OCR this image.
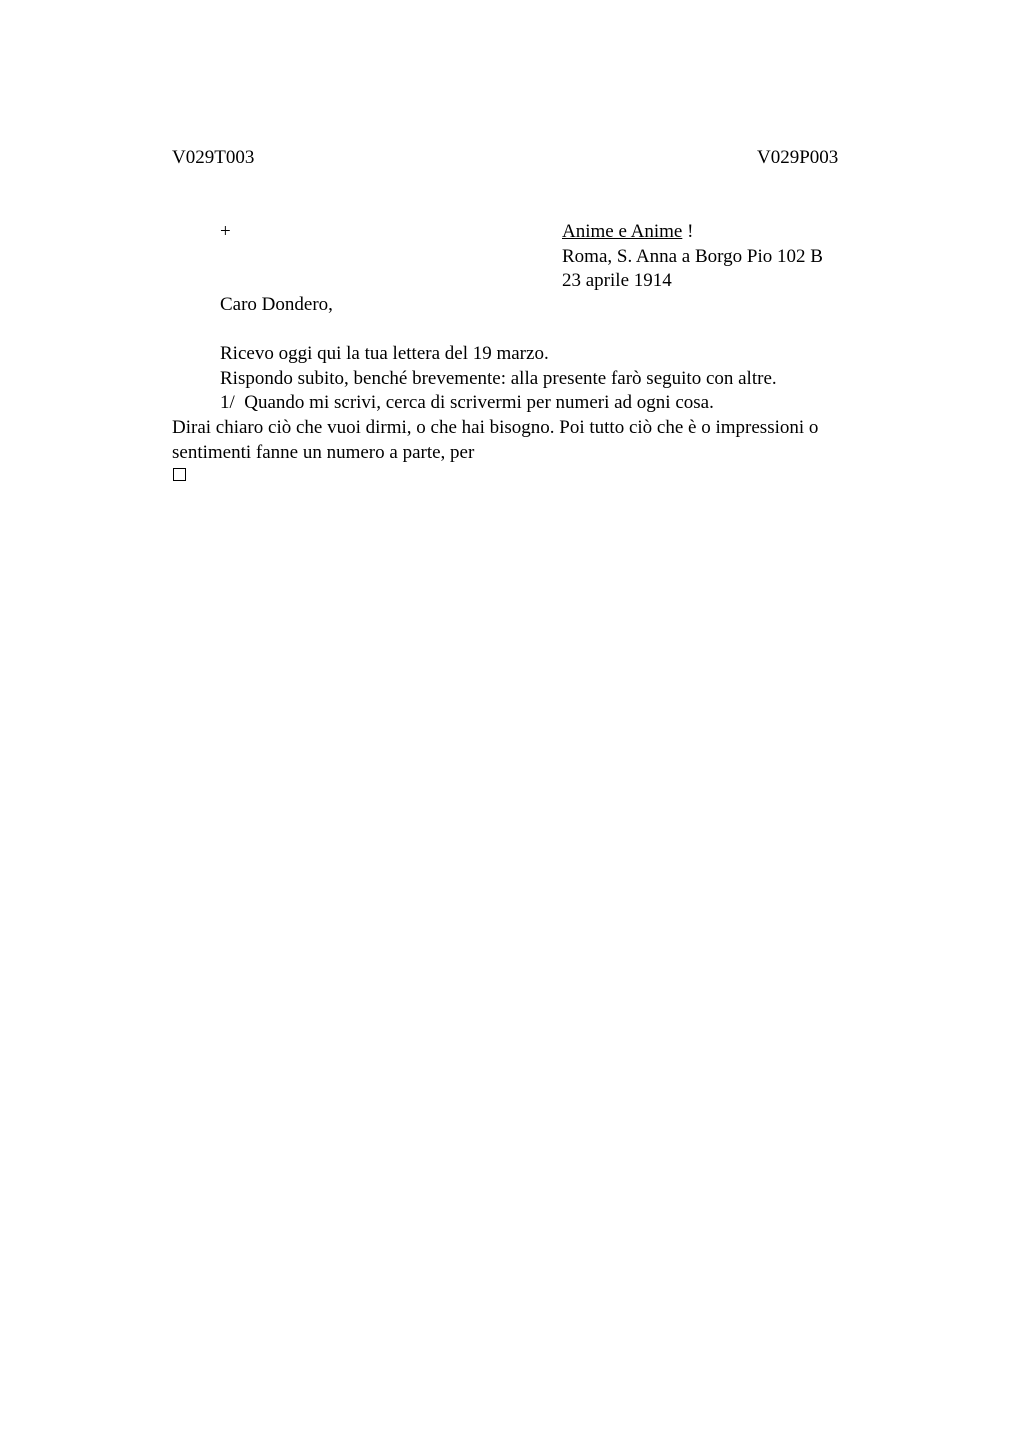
V029T003	V029P003
+	Anime e Anime !
Roma, S. Anna a Borgo Pio 102 B
23 aprile 1914
Caro Dondero,
Ricevo oggi qui la tua lettera del 19 marzo.
Rispondo subito, benché brevemente: alla presente farò seguito con altre.
1/  Quando mi scrivi, cerca di scrivermi per numeri ad ogni cosa.
Dirai chiaro ciò che vuoi dirmi, o che hai bisogno. Poi tutto ciò che è o impressioni o
sentimenti fanne un numero a parte, per
